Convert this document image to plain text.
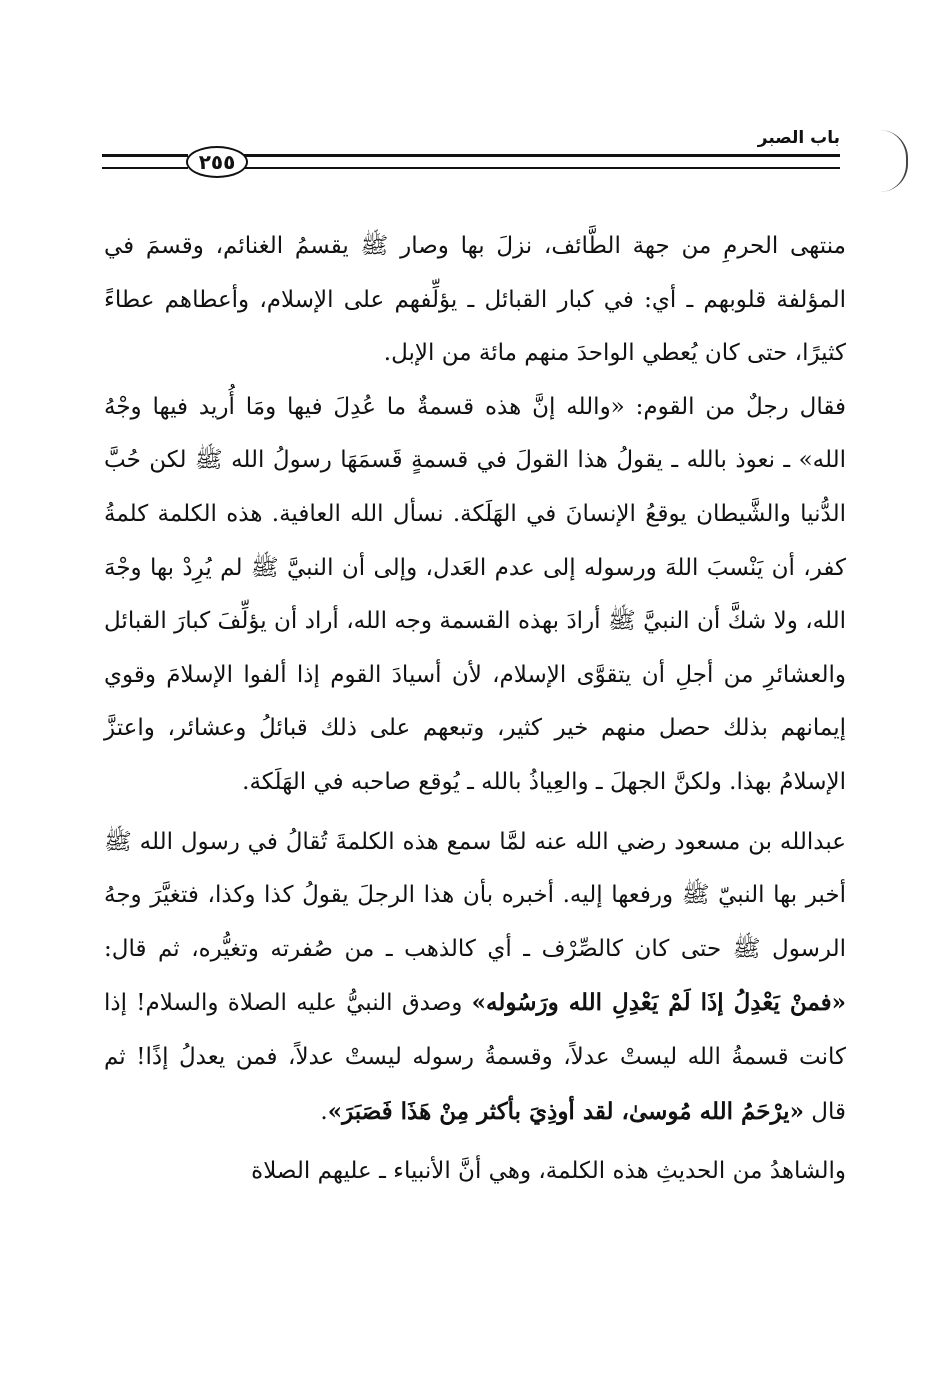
باب الصبر
٢٥٥

منتهى الحرمِ من جهة الطَّائف، نزلَ بها وصار ﷺ يقسمُ الغنائم، وقسمَ في المؤلفة قلوبهم ـ أي: في كبار القبائل ـ يؤلِّفهم على الإسلام، وأعطاهم عطاءً كثيرًا، حتى كان يُعطي الواحدَ منهم مائة من الإبل.

فقال رجلٌ من القوم: «والله إنَّ هذه قسمةٌ ما عُدِلَ فيها ومَا أُريد فيها وجْهُ الله» ـ نعوذ بالله ـ يقولُ هذا القولَ في قسمةٍ قَسمَهَا رسولُ الله ﷺ لكن حُبَّ الدُّنيا والشَّيطان يوقعُ الإنسانَ في الهَلَكة. نسأل الله العافية. هذه الكلمة كلمةُ كفر، أن يَنْسبَ اللهَ ورسوله إلى عدم العَدل، وإلى أن النبيَّ ﷺ لم يُرِدْ بها وجْهَ الله، ولا شكَّ أن النبيَّ ﷺ أرادَ بهذه القسمة وجه الله، أراد أن يؤلِّفَ كبارَ القبائل والعشائرِ من أجلِ أن يتقوَّى الإسلام، لأن أسيادَ القوم إذا ألفوا الإسلامَ وقوي إيمانهم بذلك حصل منهم خير كثير، وتبعهم على ذلك قبائلُ وعشائر، واعتزَّ الإسلامُ بهذا. ولكنَّ الجهلَ ـ والعِياذُ بالله ـ يُوقع صاحبه في الهَلَكة.

عبدالله بن مسعود رضي الله عنه لمَّا سمع هذه الكلمةَ تُقالُ في رسول الله ﷺ أخبر بها النبيّ ﷺ ورفعها إليه. أخبره بأن هذا الرجلَ يقولُ كذا وكذا، فتغيَّرَ وجهُ الرسول ﷺ حتى كان كالصِّرْف ـ أي كالذهب ـ من صُفرته وتغيُّره، ثم قال: «فمنْ يَعْدِلُ إذَا لَمْ يَعْدِلِ الله ورَسُوله» وصدق النبيُّ عليه الصلاة والسلام! إذا كانت قسمةُ الله ليستْ عدلاً، وقسمةُ رسوله ليستْ عدلاً، فمن يعدلُ إذًا! ثم قال «يرْحَمُ الله مُوسىٰ، لقد أوذِيَ بأكثر مِنْ هَذَا فَصَبَرَ».

والشاهدُ من الحديثِ هذه الكلمة، وهي أنَّ الأنبياء ـ عليهم الصلاة
